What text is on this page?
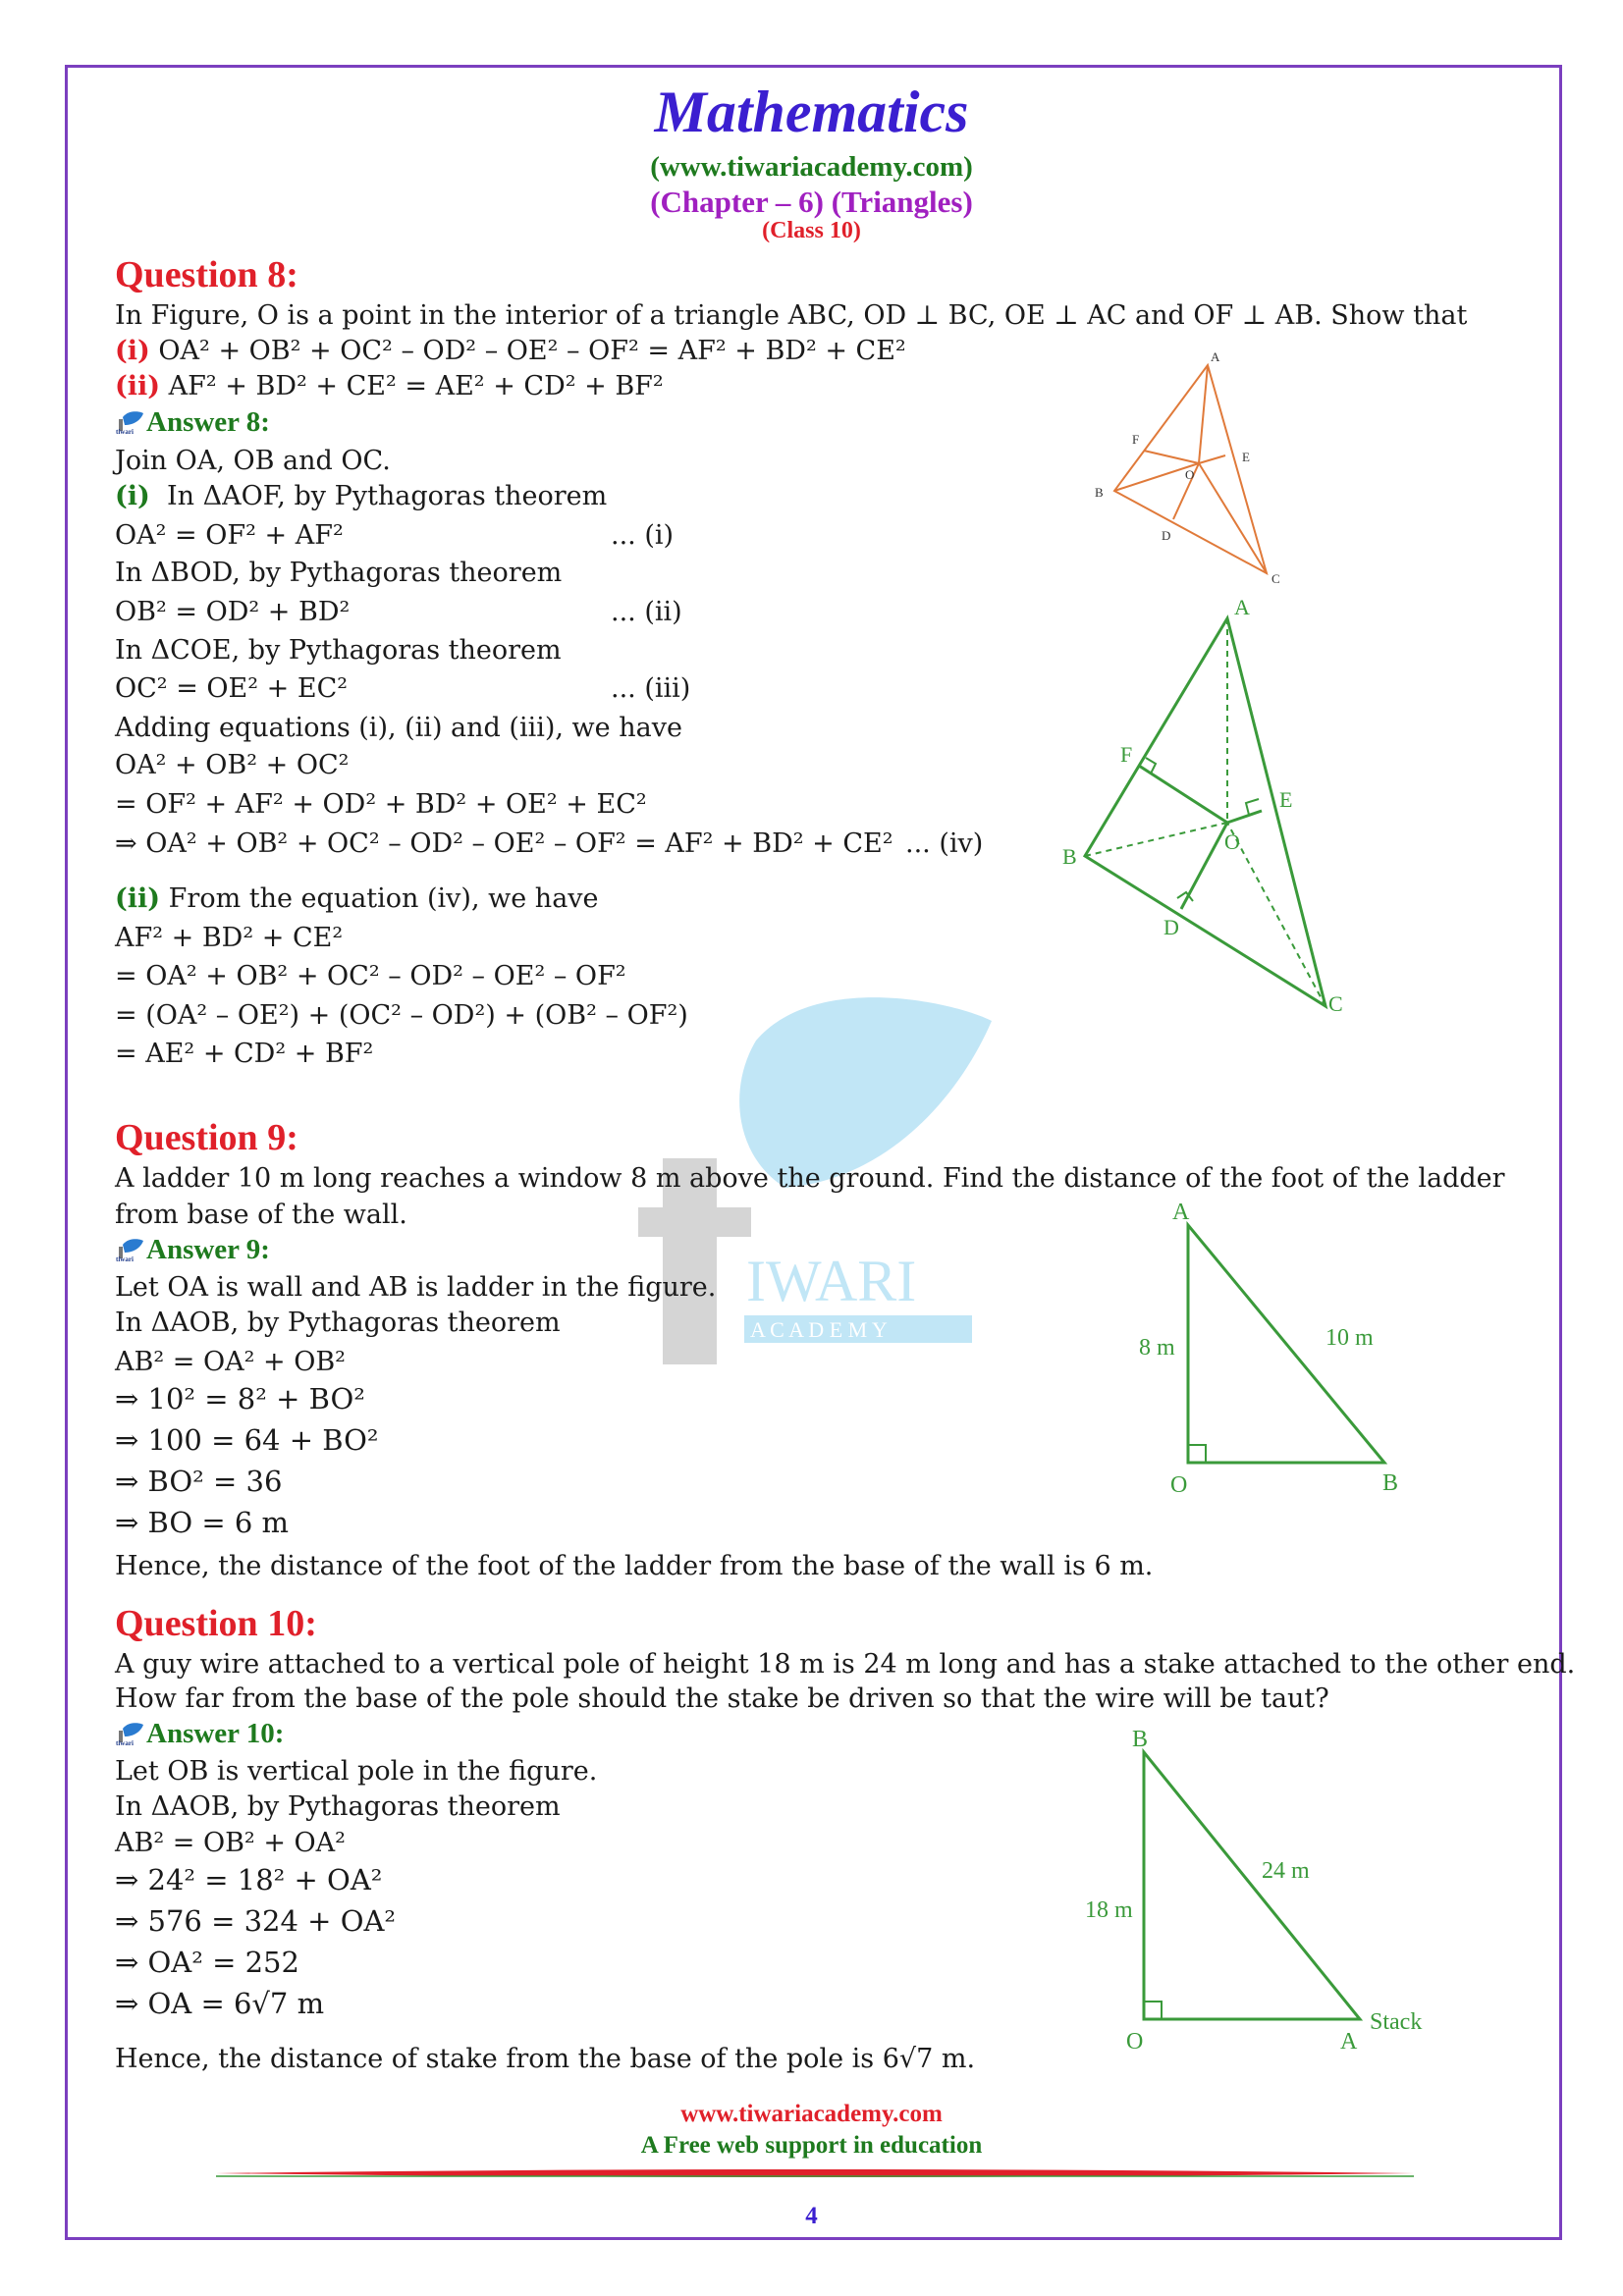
IWARI
A C A D E M Y
Mathematics
(www.tiwariacademy.com)
(Chapter – 6) (Triangles)
(Class 10)
Question 8:
In Figure, O is a point in the interior of a triangle ABC, OD ⊥ BC, OE ⊥ AC and OF ⊥ AB. Show that
(i) OA² + OB² + OC² – OD² – OE² – OF² = AF² + BD² + CE²
(ii) AF² + BD² + CE² = AE² + CD² + BF²
tiwari Answer 8:
Join OA, OB and OC.
(i) In ΔAOF, by Pythagoras theorem
OA² = OF² + AF²	... (i)
In ΔBOD, by Pythagoras theorem
OB² = OD² + BD²	... (ii)
In ΔCOE, by Pythagoras theorem
OC² = OE² + EC²	... (iii)
Adding equations (i), (ii) and (iii), we have
OA² + OB² + OC²
= OF² + AF² + OD² + BD² + OE² + EC²
⇒ OA² + OB² + OC² – OD² – OE² – OF² = AF² + BD² + CE² ... (iv)
(ii) From the equation (iv), we have
AF² + BD² + CE²
= OA² + OB² + OC² – OD² – OE² – OF²
= (OA² – OE²) + (OC² – OD²) + (OB² – OF²)
= AE² + CD² + BF²
A
B
C
D
E
F
O
A
B
C
D
E
F
O
Question 9:
A ladder 10 m long reaches a window 8 m above the ground. Find the distance of the foot of the ladder
from base of the wall.
tiwari Answer 9:
Let OA is wall and AB is ladder in the figure.
In ΔAOB, by Pythagoras theorem
AB² = OA² + OB²
⇒ 10² = 8² + BO²
⇒ 100 = 64 + BO²
⇒ BO² = 36
⇒ BO = 6 m
Hence, the distance of the foot of the ladder from the base of the wall is 6 m.
A
O	B
8 m	10 m
Question 10:
A guy wire attached to a vertical pole of height 18 m is 24 m long and has a stake attached to the other end.
How far from the base of the pole should the stake be driven so that the wire will be taut?
tiwari Answer 10:
Let OB is vertical pole in the figure.
In ΔAOB, by Pythagoras theorem
AB² = OB² + OA²
⇒ 24² = 18² + OA²
⇒ 576 = 324 + OA²
⇒ OA² = 252
⇒ OA = 6√7 m
Hence, the distance of stake from the base of the pole is 6√7 m.
B
O	A
18 m
24 m
Stack
www.tiwariacademy.com
A Free web support in education
4
